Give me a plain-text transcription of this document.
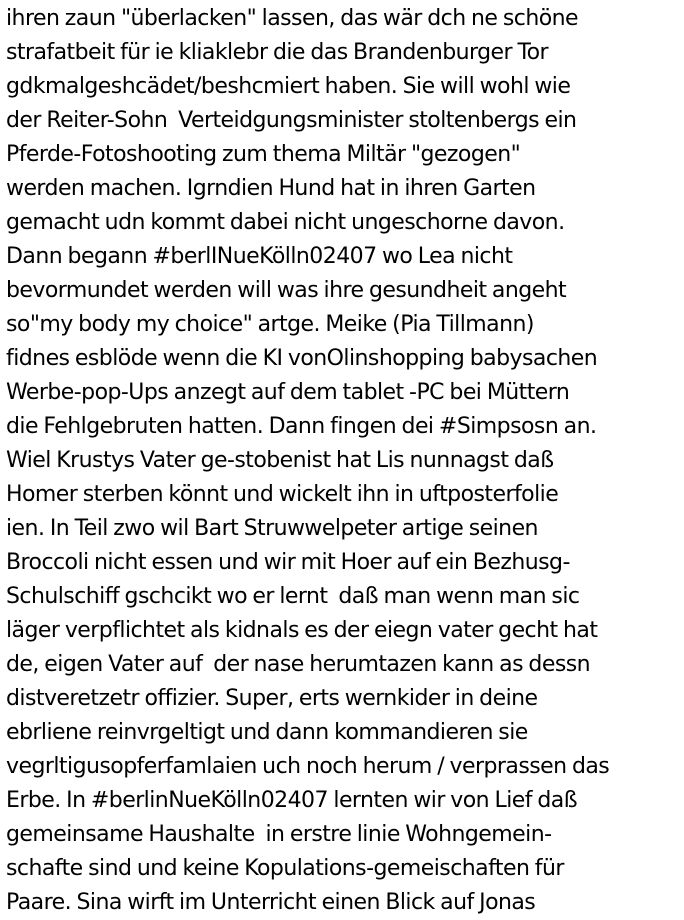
ihren zaun "überlacken" lassen, das wär dch ne schöne
strafatbeit für ie kliaklebr die das Brandenburger Tor
gdkmalgeshcädet/beshcmiert haben. Sie will wohl wie
der Reiter-Sohn  Verteidgungsminister stoltenbergs ein
Pferde-Fotoshooting zum thema Miltär "gezogen"
werden machen. Igrndien Hund hat in ihren Garten
gemacht udn kommt dabei nicht ungeschorne davon.
Dann begann #berlINueKölln02407 wo Lea nicht
bevormundet werden will was ihre gesundheit angeht
so"my body my choice" artge. Meike (Pia Tillmann)
fidnes esblöde wenn die KI vonOlinshopping babysachen
Werbe-pop-Ups anzegt auf dem tablet -PC bei Müttern
die Fehlgebruten hatten. Dann fingen dei #Simpsosn an.
Wiel Krustys Vater ge-stobenist hat Lis nunnagst daß
Homer sterben könnt und wickelt ihn in uftposterfolie
ien. In Teil zwo wil Bart Struwwelpeter artige seinen
Broccoli nicht essen und wir mit Hoer auf ein Bezhusg-
Schulschiff gschcikt wo er lernt  daß man wenn man sic
läger verpflichtet als kidnals es der eiegn vater gecht hat
de, eigen Vater auf  der nase herumtazen kann as dessn
distveretzetr offizier. Super, erts wernkider in deine
ebrliene reinvrgeltigt und dann kommandieren sie
vegrltigusopferfamlaien uch noch herum / verprassen das
Erbe. In #berlinNueKölln02407 lernten wir von Lief daß
gemeinsame Haushalte  in erstre linie Wohngemein-
schafte sind und keine Kopulations-gemeischaften für
Paare. Sina wirft im Unterricht einen Blick auf Jonas
